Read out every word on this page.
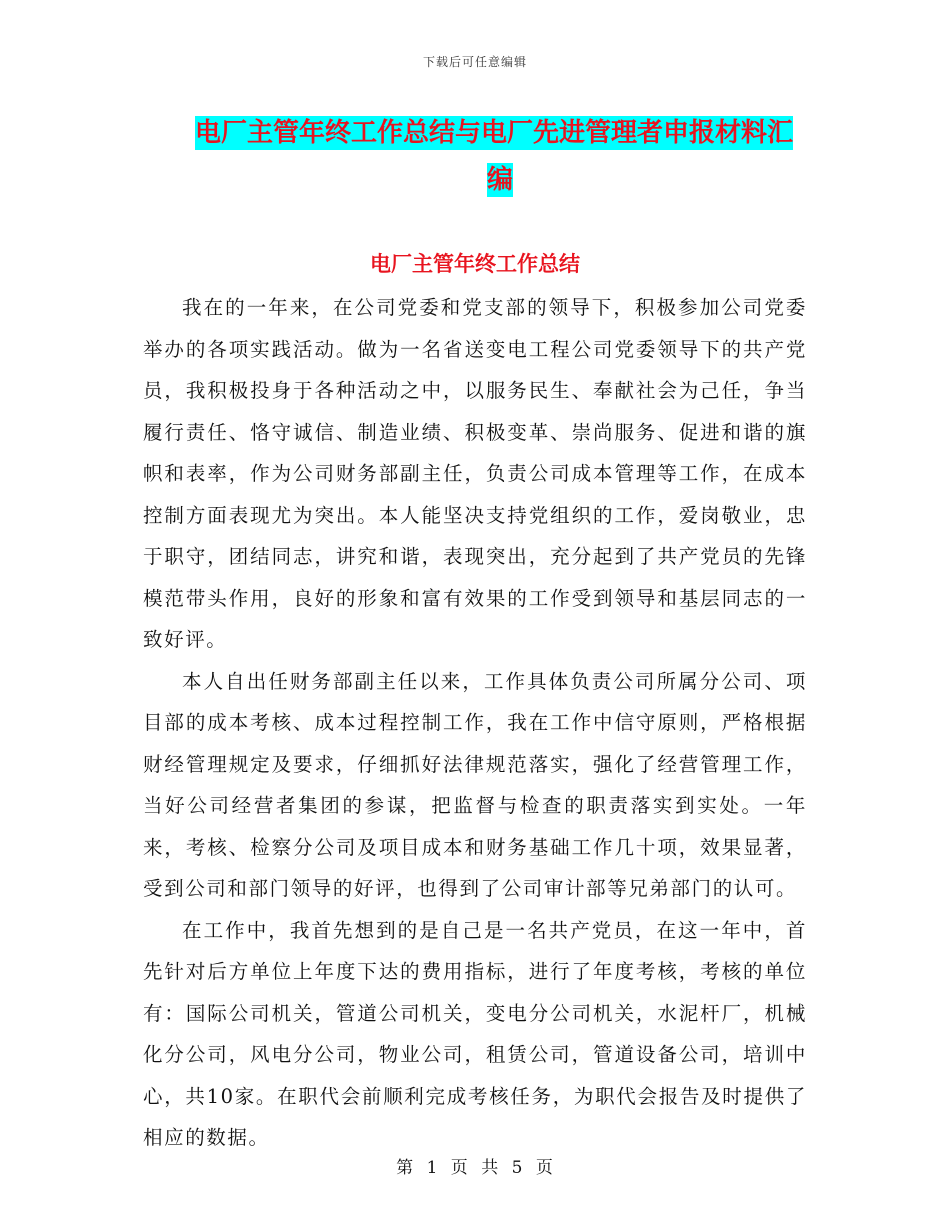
下载后可任意编辑
电厂主管年终工作总结与电厂先进管理者申报材料汇
编
电厂主管年终工作总结

我在的一年来，在公司党委和党支部的领导下，积极参加公司党委举办的各项实践活动。做为一名省送变电工程公司党委领导下的共产党员，我积极投身于各种活动之中，以服务民生、奉献社会为己任，争当履行责任、恪守诚信、制造业绩、积极变革、崇尚服务、促进和谐的旗帜和表率，作为公司财务部副主任，负责公司成本管理等工作，在成本控制方面表现尤为突出。本人能坚决支持党组织的工作，爱岗敬业，忠于职守，团结同志，讲究和谐，表现突出，充分起到了共产党员的先锋模范带头作用，良好的形象和富有效果的工作受到领导和基层同志的一致好评。

本人自出任财务部副主任以来，工作具体负责公司所属分公司、项目部的成本考核、成本过程控制工作，我在工作中信守原则，严格根据财经管理规定及要求，仔细抓好法律规范落实，强化了经营管理工作，当好公司经营者集团的参谋，把监督与检查的职责落实到实处。一年来，考核、检察分公司及项目成本和财务基础工作几十项，效果显著，受到公司和部门领导的好评，也得到了公司审计部等兄弟部门的认可。

在工作中，我首先想到的是自己是一名共产党员，在这一年中，首先针对后方单位上年度下达的费用指标，进行了年度考核，考核的单位有：国际公司机关，管道公司机关，变电分公司机关，水泥杆厂，机械化分公司，风电分公司，物业公司，租赁公司，管道设备公司，培训中心，共10家。在职代会前顺利完成考核任务，为职代会报告及时提供了相应的数据。

第 1 页 共 5 页
